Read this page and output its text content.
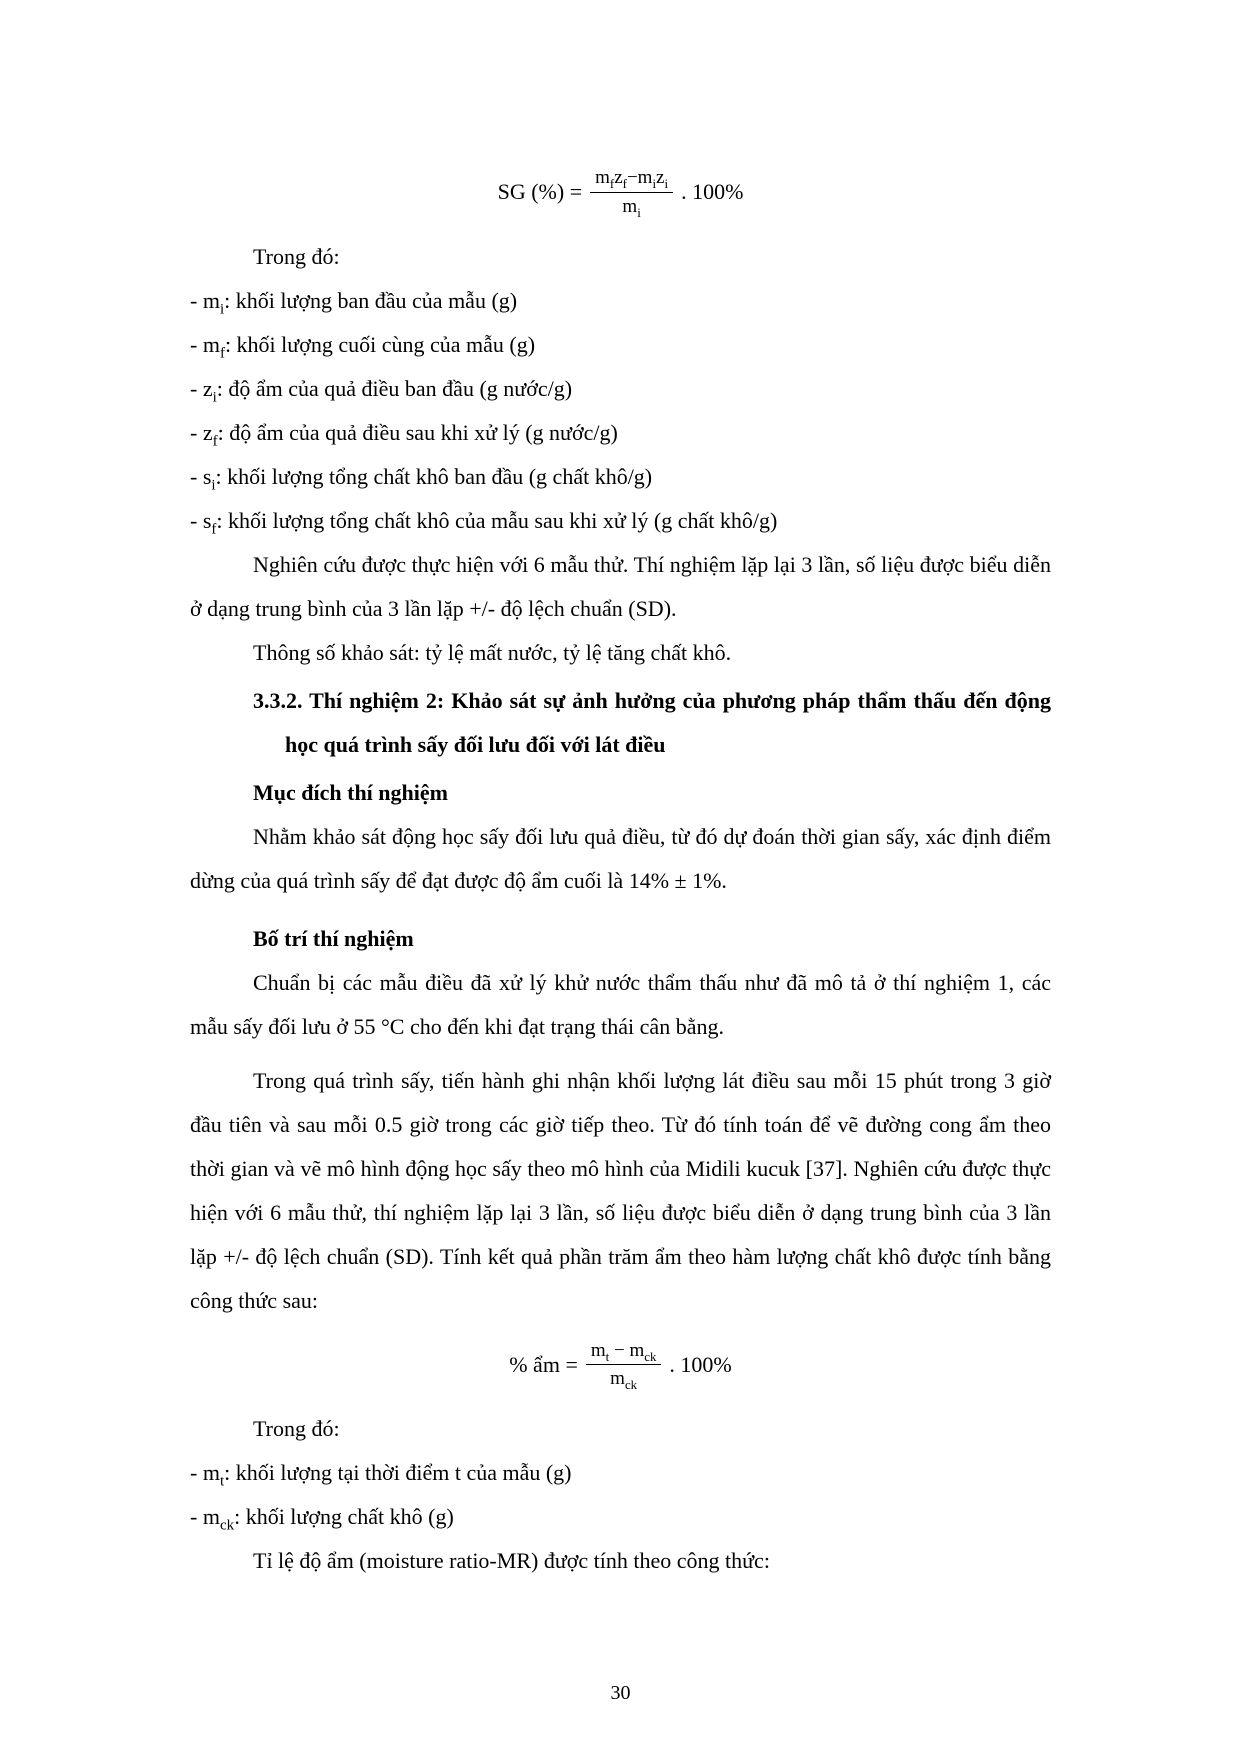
SG (%) = $\frac{m_fz_f-m_iz_i}{m_i}$ . 100%

Trong đó:

- $m_i$: khối lượng ban đầu của mẫu (g)

- $m_f$: khối lượng cuối cùng của mẫu (g)

- $z_i$: độ ẩm của quả điều ban đầu (g nước/g)

- $z_f$: độ ẩm của quả điều sau khi xử lý (g nước/g)

- $s_i$: khối lượng tổng chất khô ban đầu (g chất khô/g)

- $s_f$: khối lượng tổng chất khô của mẫu sau khi xử lý (g chất khô/g)

Nghiên cứu được thực hiện với 6 mẫu thử. Thí nghiệm lặp lại 3 lần, số liệu được biểu diễn ở dạng trung bình của 3 lần lặp +/- độ lệch chuẩn (SD).

Thông số khảo sát: tỷ lệ mất nước, tỷ lệ tăng chất khô.

3.3.2. Thí nghiệm 2: Khảo sát sự ảnh hưởng của phương pháp thẩm thấu đến động học quá trình sấy đối lưu đối với lát điều

Mục đích thí nghiệm

Nhằm khảo sát động học sấy đối lưu quả điều, từ đó dự đoán thời gian sấy, xác định điểm dừng của quá trình sấy để đạt được độ ẩm cuối là 14% ± 1%.

Bố trí thí nghiệm

Chuẩn bị các mẫu điều đã xử lý khử nước thẩm thấu như đã mô tả ở thí nghiệm 1, các mẫu sấy đối lưu ở 55 °C cho đến khi đạt trạng thái cân bằng.

Trong quá trình sấy, tiến hành ghi nhận khối lượng lát điều sau mỗi 15 phút trong 3 giờ đầu tiên và sau mỗi 0.5 giờ trong các giờ tiếp theo. Từ đó tính toán để vẽ đường cong ẩm theo thời gian và vẽ mô hình động học sấy theo mô hình của Midili kucuk [37]. Nghiên cứu được thực hiện với 6 mẫu thử, thí nghiệm lặp lại 3 lần, số liệu được biểu diễn ở dạng trung bình của 3 lần lặp +/- độ lệch chuẩn (SD). Tính kết quả phần trăm ẩm theo hàm lượng chất khô được tính bằng công thức sau:

% ẩm = $\frac{m_t - m_{ck}}{m_{ck}}$ . 100%

Trong đó:

- $m_t$: khối lượng tại thời điểm t của mẫu (g)

- $m_{ck}$: khối lượng chất khô (g)

Tỉ lệ độ ẩm (moisture ratio-MR) được tính theo công thức:

30
